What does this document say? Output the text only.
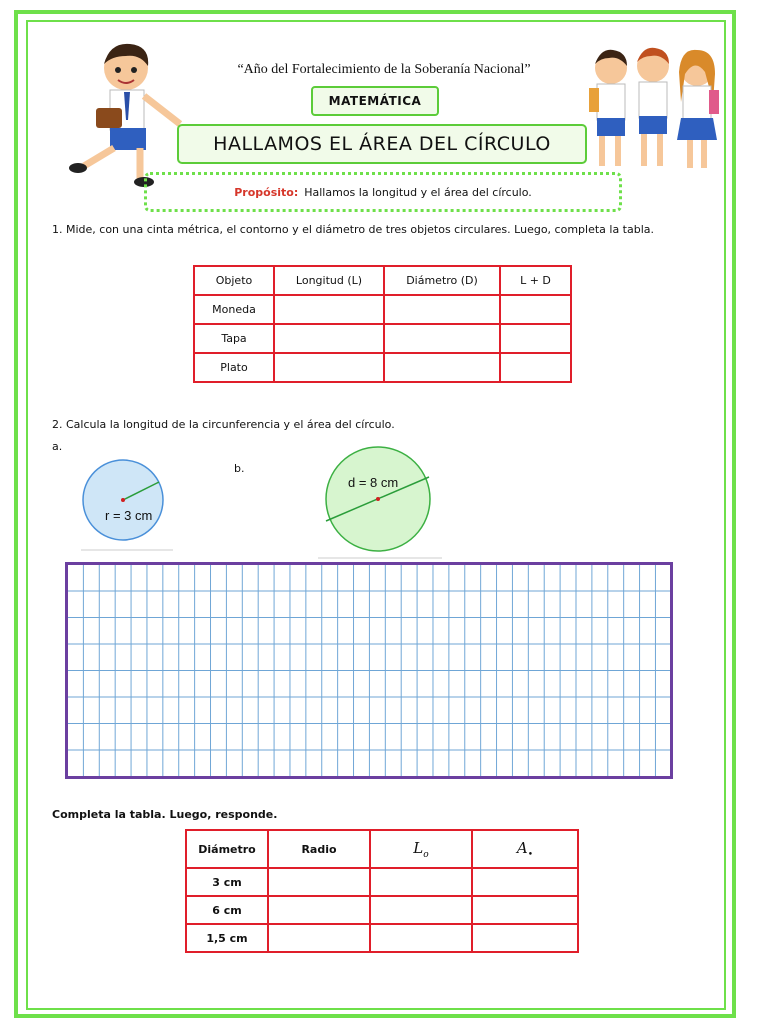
“Año del Fortalecimiento de la Soberanía Nacional”
MATEMÁTICA
HALLAMOS EL ÁREA DEL CÍRCULO
Propósito: Hallamos la longitud y el área del círculo.
1. Mide, con una cinta métrica, el contorno y el diámetro de tres objetos circulares. Luego, completa la tabla.
Objeto	Longitud (L)	Diámetro (D)	L + D
Moneda			
Tapa			
Plato			
2. Calcula la longitud de la circunferencia y el área del círculo.
a.
b.
r = 3 cm
d = 8 cm
Completa la tabla. Luego, responde.
Diámetro	Radio	$L_o$	$A_•$
3 cm			
6 cm			
1,5 cm			
